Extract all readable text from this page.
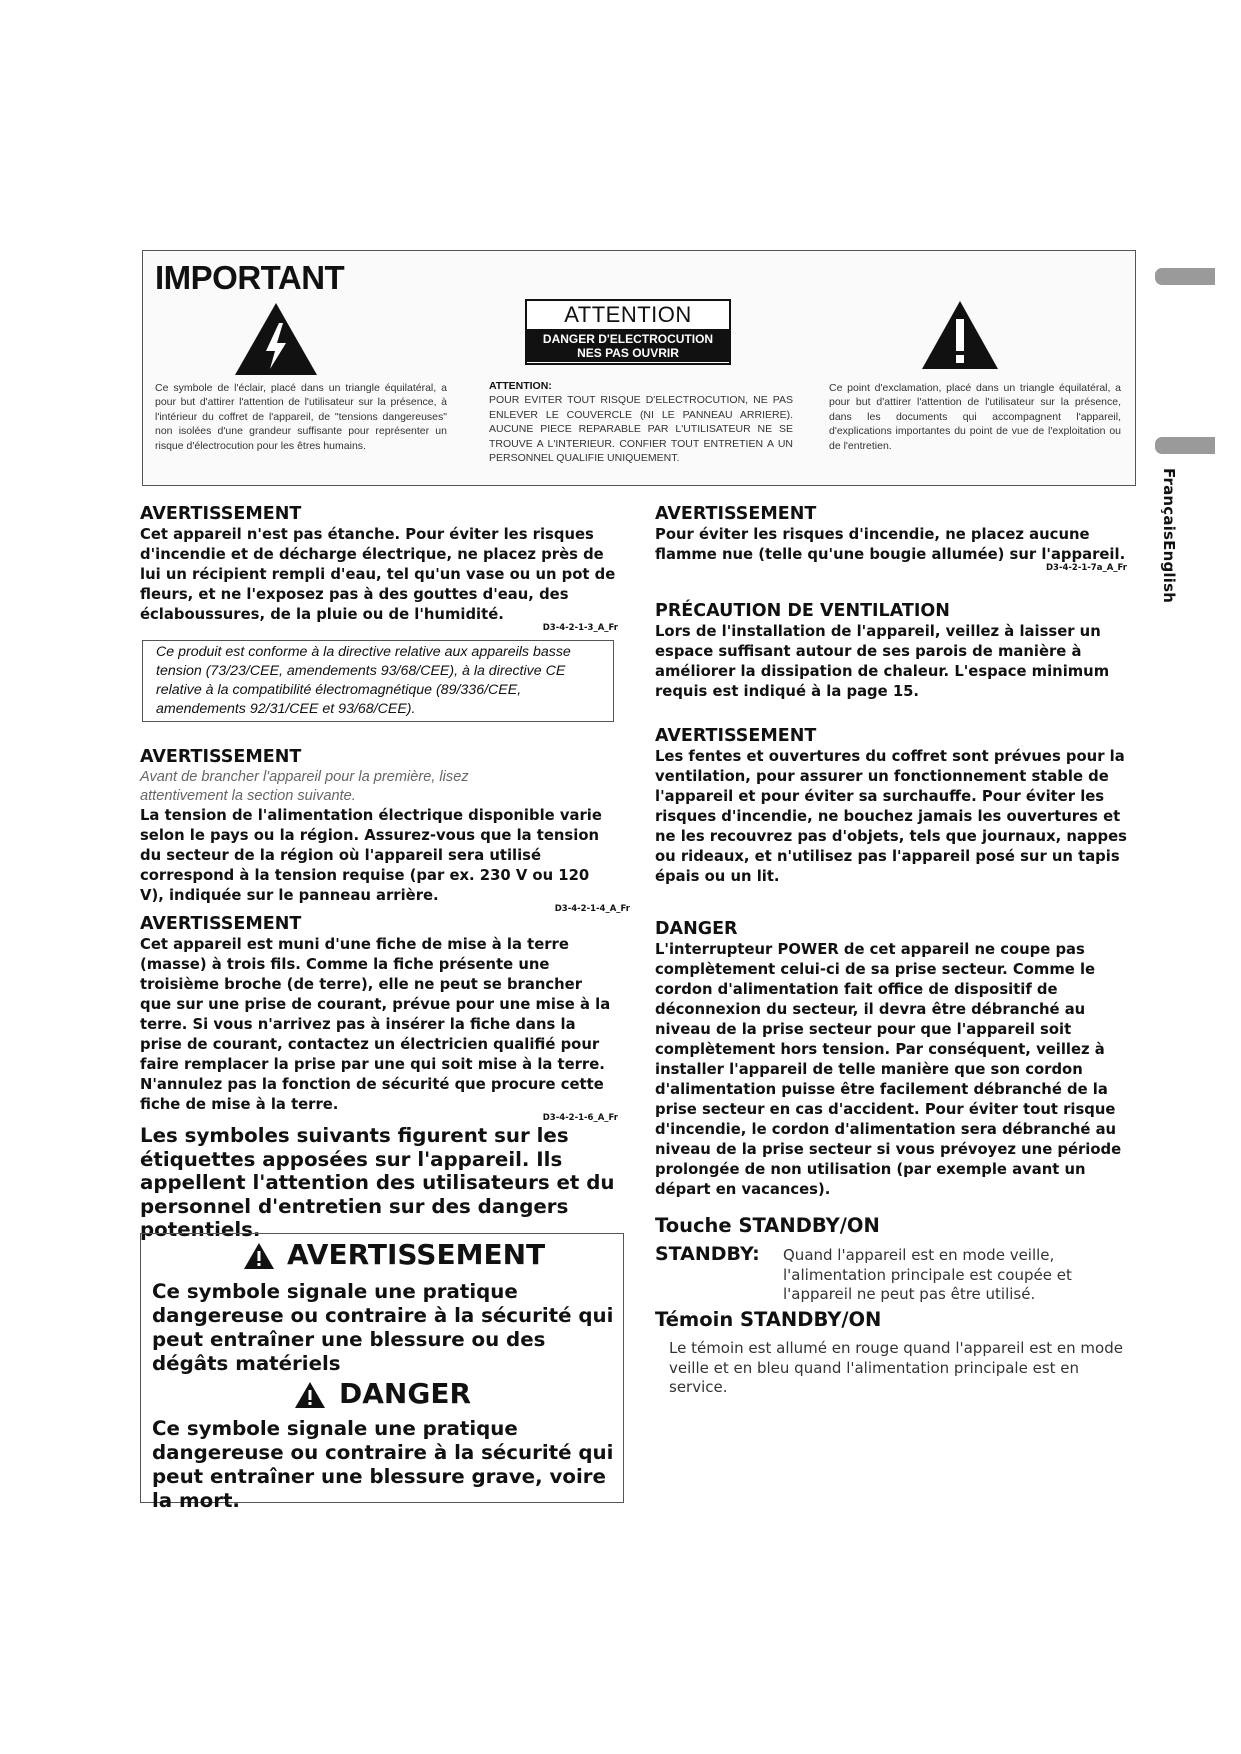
FrançaisEnglish
IMPORTANT
ATTENTION
DANGER D'ELECTROCUTION
NES PAS OUVRIR
Ce symbole de l'éclair, placé dans un triangle équilatéral, a pour but d'attirer l'attention de l'utilisateur sur la présence, à l'intérieur du coffret de l'appareil, de "tensions dangereuses" non isolées d'une grandeur suffisante pour représenter un risque d'électrocution pour les êtres humains.
ATTENTION:
POUR EVITER TOUT RISQUE D'ELECTROCUTION, NE PAS ENLEVER LE COUVERCLE (NI LE PANNEAU ARRIERE). AUCUNE PIECE REPARABLE PAR L'UTILISATEUR NE SE TROUVE A L'INTERIEUR. CONFIER TOUT ENTRETIEN A UN PERSONNEL QUALIFIE UNIQUEMENT.
Ce point d'exclamation, placé dans un triangle équilatéral, a pour but d'attirer l'attention de l'utilisateur sur la présence, dans les documents qui accompagnent l'appareil, d'explications importantes du point de vue de l'exploitation ou de l'entretien.
AVERTISSEMENT
Cet appareil n'est pas étanche. Pour éviter les risques d'incendie et de décharge électrique, ne placez près de lui un récipient rempli d'eau, tel qu'un vase ou un pot de fleurs, et ne l'exposez pas à des gouttes d'eau, des éclaboussures, de la pluie ou de l'humidité.
D3-4-2-1-3_A_Fr
Ce produit est conforme à la directive relative aux appareils basse tension (73/23/CEE, amendements 93/68/CEE), à la directive CE relative à la compatibilité électromagnétique (89/336/CEE, amendements 92/31/CEE et 93/68/CEE).
AVERTISSEMENT
Avant de brancher l'appareil pour la première, lisez attentivement la section suivante.
La tension de l'alimentation électrique disponible varie selon le pays ou la région. Assurez-vous que la tension du secteur de la région où l'appareil sera utilisé correspond à la tension requise (par ex. 230 V ou 120 V), indiquée sur le panneau arrière.
D3-4-2-1-4_A_Fr
AVERTISSEMENT
Cet appareil est muni d'une fiche de mise à la terre (masse) à trois fils. Comme la fiche présente une troisième broche (de terre), elle ne peut se brancher que sur une prise de courant, prévue pour une mise à la terre. Si vous n'arrivez pas à insérer la fiche dans la prise de courant, contactez un électricien qualifié pour faire remplacer la prise par une qui soit mise à la terre. N'annulez pas la fonction de sécurité que procure cette fiche de mise à la terre.
D3-4-2-1-6_A_Fr
Les symboles suivants figurent sur les étiquettes apposées sur l'appareil. Ils appellent l'attention des utilisateurs et du personnel d'entretien sur des dangers potentiels.
AVERTISSEMENT
Ce symbole signale une pratique dangereuse ou contraire à la sécurité qui peut entraîner une blessure ou des dégâts matériels
DANGER
Ce symbole signale une pratique dangereuse ou contraire à la sécurité qui peut entraîner une blessure grave, voire la mort.
AVERTISSEMENT
Pour éviter les risques d'incendie, ne placez aucune flamme nue (telle qu'une bougie allumée) sur l'appareil.
D3-4-2-1-7a_A_Fr
PRÉCAUTION DE VENTILATION
Lors de l'installation de l'appareil, veillez à laisser un espace suffisant autour de ses parois de manière à améliorer la dissipation de chaleur. L'espace minimum requis est indiqué à la page 15.
AVERTISSEMENT
Les fentes et ouvertures du coffret sont prévues pour la ventilation, pour assurer un fonctionnement stable de l'appareil et pour éviter sa surchauffe. Pour éviter les risques d'incendie, ne bouchez jamais les ouvertures et ne les recouvrez pas d'objets, tels que journaux, nappes ou rideaux, et n'utilisez pas l'appareil posé sur un tapis épais ou un lit.
DANGER
L'interrupteur POWER de cet appareil ne coupe pas complètement celui-ci de sa prise secteur. Comme le cordon d'alimentation fait office de dispositif de déconnexion du secteur, il devra être débranché au niveau de la prise secteur pour que l'appareil soit complètement hors tension. Par conséquent, veillez à installer l'appareil de telle manière que son cordon d'alimentation puisse être facilement débranché de la prise secteur en cas d'accident. Pour éviter tout risque d'incendie, le cordon d'alimentation sera débranché au niveau de la prise secteur si vous prévoyez une période prolongée de non utilisation (par exemple avant un départ en vacances).
Touche STANDBY/ON
STANDBY: Quand l'appareil est en mode veille, l'alimentation principale est coupée et l'appareil ne peut pas être utilisé.
Témoin STANDBY/ON
Le témoin est allumé en rouge quand l'appareil est en mode veille et en bleu quand l'alimentation principale est en service.
